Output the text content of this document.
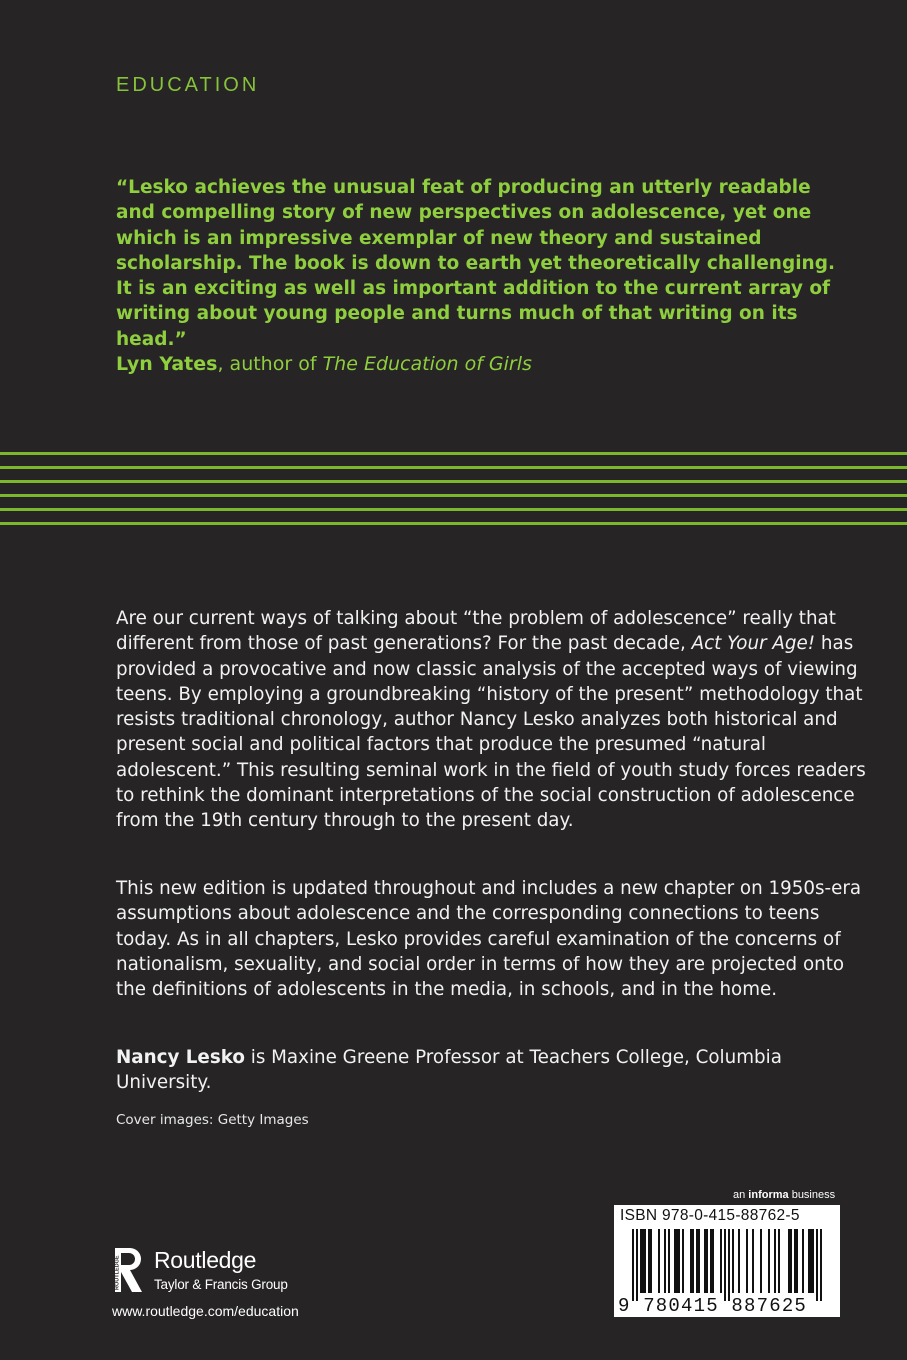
EDUCATION

“Lesko achieves the unusual feat of producing an utterly readable and compelling story of new perspectives on adolescence, yet one which is an impressive exemplar of new theory and sustained scholarship. The book is down to earth yet theoretically challenging. It is an exciting as well as important addition to the current array of writing about young people and turns much of that writing on its head.”

Lyn Yates, author of The Education of Girls

Are our current ways of talking about “the problem of adolescence” really that different from those of past generations? For the past decade, Act Your Age! has provided a provocative and now classic analysis of the accepted ways of viewing teens. By employing a groundbreaking “history of the present” methodology that resists traditional chronology, author Nancy Lesko analyzes both historical and present social and political factors that produce the presumed “natural adolescent.” This resulting seminal work in the field of youth study forces readers to rethink the dominant interpretations of the social construction of adolescence from the 19th century through to the present day.

This new edition is updated throughout and includes a new chapter on 1950s-era assumptions about adolescence and the corresponding connections to teens today. As in all chapters, Lesko provides careful examination of the concerns of nationalism, sexuality, and social order in terms of how they are projected onto the definitions of adolescents in the media, in schools, and in the home.

Nancy Lesko is Maxine Greene Professor at Teachers College, Columbia University.

Cover images: Getty Images
ROUTLEDGE Routledge
Taylor & Francis Group
www.routledge.com/education
an informa business
ISBN 978-0-415-88762-5
9 780415 887625
